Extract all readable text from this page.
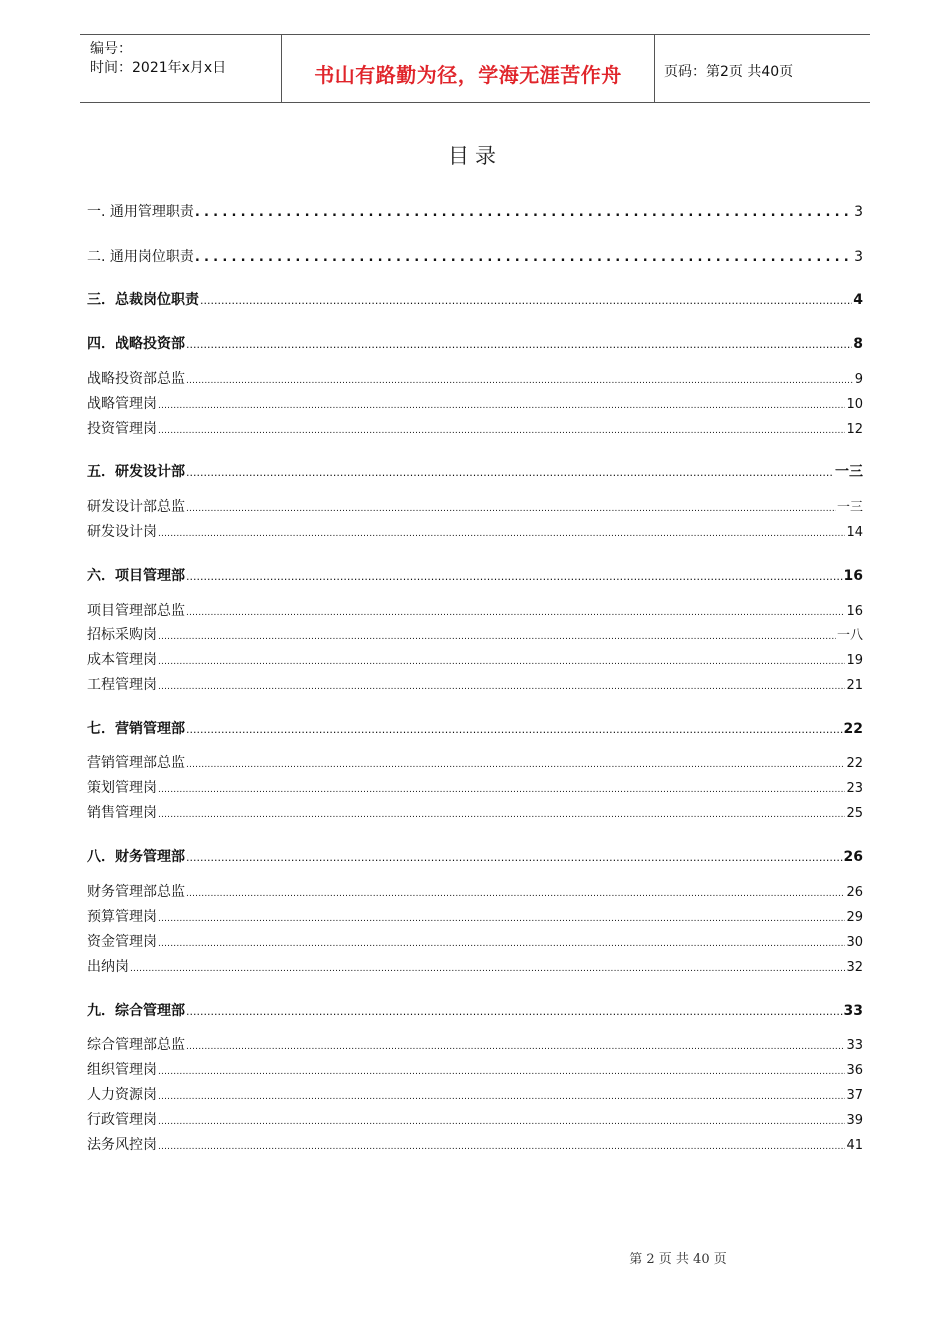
编号：
时间：2021年x月x日	书山有路勤为径，学海无涯苦作舟	页码：第2页 共40页
目录
一. 通用管理职责 .....	3
二. 通用岗位职责 .....	3
三．总裁岗位职责 .....	4
四．战略投资部 .....	8
战略投资部总监 .....	9
战略管理岗 .....	10
投资管理岗 .....	12
五．研发设计部 .....	一三
研发设计部总监 .....	一三
研发设计岗 .....	14
六．项目管理部 .....	16
项目管理部总监 .....	16
招标采购岗 .....	一八
成本管理岗 .....	19
工程管理岗 .....	21
七．营销管理部 .....	22
营销管理部总监 .....	22
策划管理岗 .....	23
销售管理岗 .....	25
八．财务管理部 .....	26
财务管理部总监 .....	26
预算管理岗 .....	29
资金管理岗 .....	30
出纳岗 .....	32
九．综合管理部 .....	33
综合管理部总监 .....	33
组织管理岗 .....	36
人力资源岗 .....	37
行政管理岗 .....	39
法务风控岗 .....	41
第 2 页 共 40 页
